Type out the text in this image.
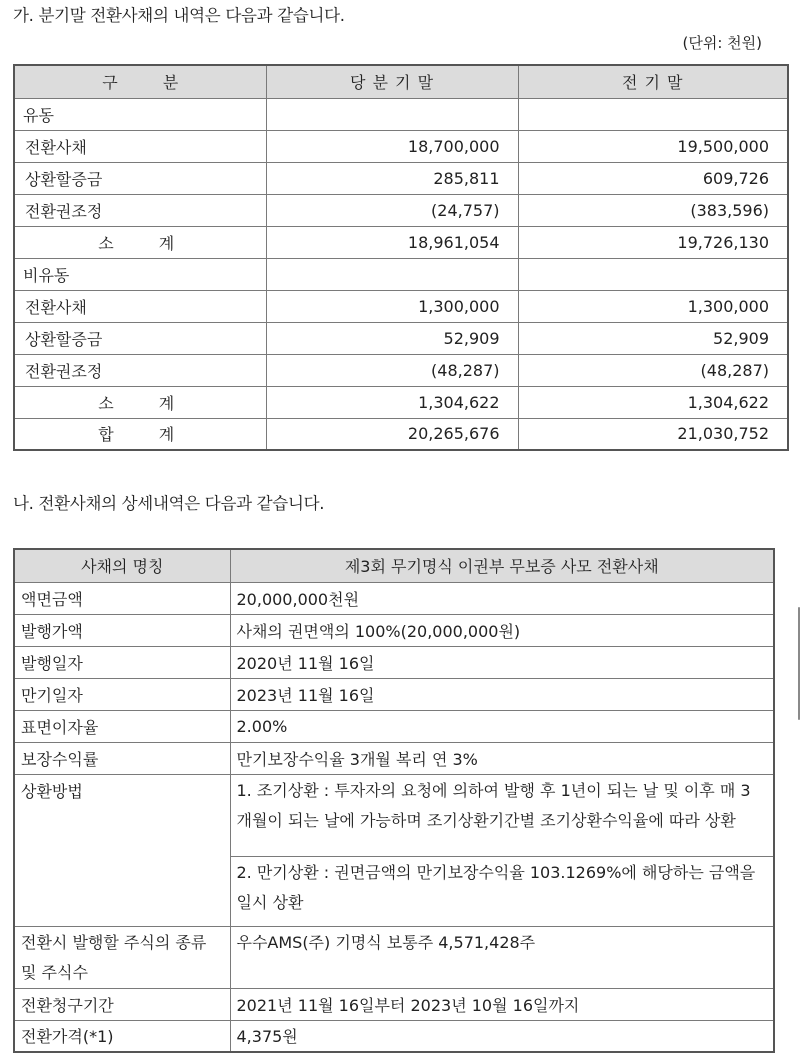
가. 분기말 전환사채의 내역은 다음과 같습니다.
(단위: 천원)
구 분	당 분 기 말	전 기 말
유동		
전환사채	18,700,000	19,500,000
상환할증금	285,811	609,726
전환권조정	(24,757)	(383,596)
소 계	18,961,054	19,726,130
비유동		
전환사채	1,300,000	1,300,000
상환할증금	52,909	52,909
전환권조정	(48,287)	(48,287)
소 계	1,304,622	1,304,622
합 계	20,265,676	21,030,752
나. 전환사채의 상세내역은 다음과 같습니다.
사채의 명칭	제3회 무기명식 이권부 무보증 사모 전환사채
액면금액	20,000,000천원
발행가액	사채의 권면액의 100%(20,000,000원)
발행일자	2020년 11월 16일
만기일자	2023년 11월 16일
표면이자율	2.00%
보장수익률	만기보장수익율 3개월 복리 연 3%
상환방법	1. 조기상환 : 투자자의 요청에 의하여 발행 후 1년이 되는 날 및 이후 매 3 개월이 되는 날에 가능하며 조기상환기간별 조기상환수익율에 따라 상환
	2. 만기상환 : 권면금액의 만기보장수익율 103.1269%에 해당하는 금액을 일시 상환
전환시 발행할 주식의 종류 및 주식수	우수AMS(주) 기명식 보통주 4,571,428주
전환청구기간	2021년 11월 16일부터 2023년 10월 16일까지
전환가격(*1)	4,375원
